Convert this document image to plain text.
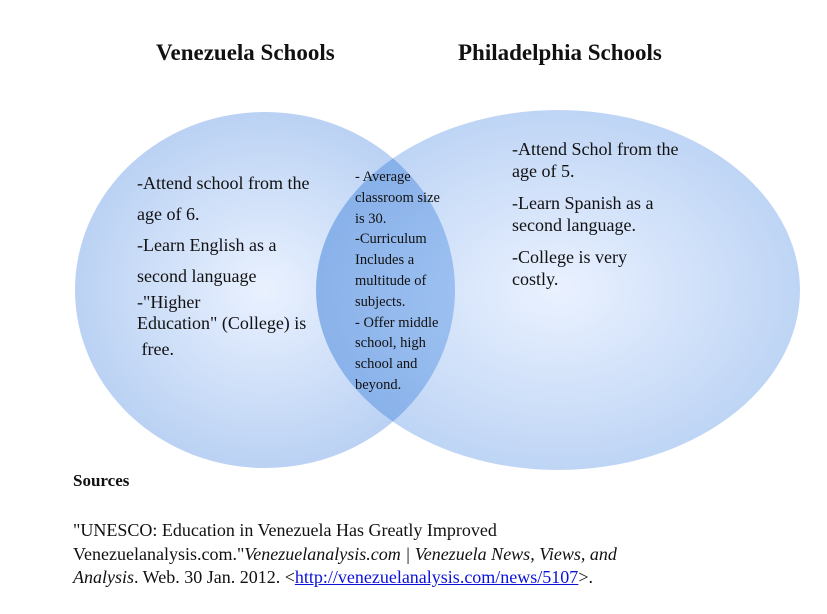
Venezuela Schools	Philadelphia Schools
-Attend school from the
age of 6.
-Learn English as a
second language
-"Higher
Education" (College) is
free.
- Average
classroom size
is 30.
-Curriculum
Includes a
multitude of
subjects.
- Offer middle
school, high
school and
beyond.
-Attend Schol from the
age of 5.
-Learn Spanish as a
second language.
-College is very
costly.
Sources
"UNESCO: Education in Venezuela Has Greatly Improved
Venezuelanalysis.com."Venezuelanalysis.com | Venezuela News, Views, and
Analysis. Web. 30 Jan. 2012. <http://venezuelanalysis.com/news/5107>.
